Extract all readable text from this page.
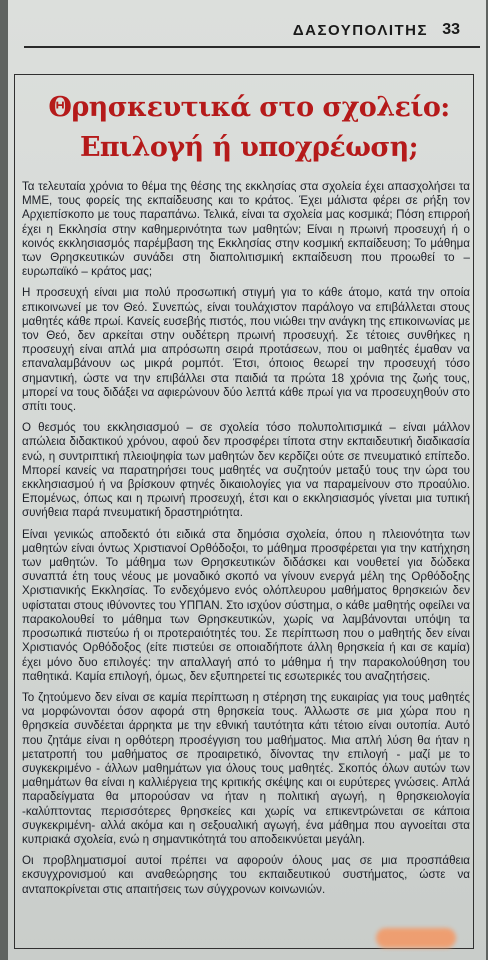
ΔΑΣΟΥΠΟΛΙΤΗΣ 33
Θρησκευτικά στο σχολείο:
Επιλογή ή υποχρέωση;

Τα τελευταία χρόνια το θέμα της θέσης της εκκλησίας στα σχολεία έχει απασχολήσει τα ΜΜΕ, τους φορείς της εκπαίδευσης και το κράτος. Έχει μάλιστα φέρει σε ρήξη τον Αρχιεπίσκοπο με τους παραπάνω. Τελικά, είναι τα σχολεία μας κοσμικά; Πόση επιρροή έχει η Εκκλησία στην καθημερινότητα των μαθητών; Είναι η πρωινή προσευχή ή ο κοινός εκκλησιασμός παρέμβαση της Εκκλησίας στην κοσμική εκπαίδευση; Το μάθημα των Θρησκευτικών συνάδει στη διαπολιτισμική εκπαίδευση που προωθεί το – ευρωπαϊκό – κράτος μας;

Η προσευχή είναι μια πολύ προσωπική στιγμή για το κάθε άτομο, κατά την οποία επικοινωνεί με τον Θεό. Συνεπώς, είναι τουλάχιστον παράλογο να επιβάλλεται στους μαθητές κάθε πρωί. Κανείς ευσεβής πιστός, που νιώθει την ανάγκη της επικοινωνίας με τον Θεό, δεν αρκείται στην ουδέτερη πρωινή προσευχή. Σε τέτοιες συνθήκες η προσευχή είναι απλά μια απρόσωπη σειρά προτάσεων, που οι μαθητές έμαθαν να επαναλαμβάνουν ως μικρά ρομπότ. Έτσι, όποιος θεωρεί την προσευχή τόσο σημαντική, ώστε να την επιβάλλει στα παιδιά τα πρώτα 18 χρόνια της ζωής τους, μπορεί να τους διδάξει να αφιερώνουν δύο λεπτά κάθε πρωί για να προσευχηθούν στο σπίτι τους.

Ο θεσμός του εκκλησιασμού – σε σχολεία τόσο πολυπολιτισμικά – είναι μάλλον απώλεια διδακτικού χρόνου, αφού δεν προσφέρει τίποτα στην εκπαιδευτική διαδικασία ενώ, η συντριπτική πλειοψηφία των μαθητών δεν κερδίζει ούτε σε πνευματικό επίπεδο. Μπορεί κανείς να παρατηρήσει τους μαθητές να συζητούν μεταξύ τους την ώρα του εκκλησιασμού ή να βρίσκουν φτηνές δικαιολογίες για να παραμείνουν στο προαύλιο. Επομένως, όπως και η πρωινή προσευχή, έτσι και ο εκκλησιασμός γίνεται μια τυπική συνήθεια παρά πνευματική δραστηριότητα.

Είναι γενικώς αποδεκτό ότι ειδικά στα δημόσια σχολεία, όπου η πλειονότητα των μαθητών είναι όντως Χριστιανοί Ορθόδοξοι, το μάθημα προσφέρεται για την κατήχηση των μαθητών. Το μάθημα των Θρησκευτικών διδάσκει και νουθετεί για δώδεκα συναπτά έτη τους νέους με μοναδικό σκοπό να γίνουν ενεργά μέλη της Ορθόδοξης Χριστιανικής Εκκλησίας. Το ενδεχόμενο ενός ολόπλευρου μαθήματος θρησκειών δεν υφίσταται στους ιθύνοντες του ΥΠΠΑΝ. Στο ισχύον σύστημα, ο κάθε μαθητής οφείλει να παρακολουθεί το μάθημα των Θρησκευτικών, χωρίς να λαμβάνονται υπόψη τα προσωπικά πιστεύω ή οι προτεραιότητές του. Σε περίπτωση που ο μαθητής δεν είναι Χριστιανός Ορθόδοξος (είτε πιστεύει σε οποιαδήποτε άλλη θρησκεία ή και σε καμία) έχει μόνο δυο επιλογές: την απαλλαγή από το μάθημα ή την παρακολούθηση του παθητικά. Καμία επιλογή, όμως, δεν εξυπηρετεί τις εσωτερικές του αναζητήσεις.

Το ζητούμενο δεν είναι σε καμία περίπτωση η στέρηση της ευκαιρίας για τους μαθητές να μορφώνονται όσον αφορά στη θρησκεία τους. Άλλωστε σε μια χώρα που η θρησκεία συνδέεται άρρηκτα με την εθνική ταυτότητα κάτι τέτοιο είναι ουτοπία. Αυτό που ζητάμε είναι η ορθότερη προσέγγιση του μαθήματος. Μια απλή λύση θα ήταν η μετατροπή του μαθήματος σε προαιρετικό, δίνοντας την επιλογή - μαζί με το συγκεκριμένο - άλλων μαθημάτων για όλους τους μαθητές. Σκοπός όλων αυτών των μαθημάτων θα είναι η καλλιέργεια της κριτικής σκέψης και οι ευρύτερες γνώσεις. Απλά παραδείγματα θα μπορούσαν να ήταν η πολιτική αγωγή, η θρησκειολογία -καλύπτοντας περισσότερες θρησκείες και χωρίς να επικεντρώνεται σε κάποια συγκεκριμένη- αλλά ακόμα και η σεξουαλική αγωγή, ένα μάθημα που αγνοείται στα κυπριακά σχολεία, ενώ η σημαντικότητά του αποδεικνύεται μεγάλη.

Οι προβληματισμοί αυτοί πρέπει να αφορούν όλους μας σε μια προσπάθεια εκσυγχρονισμού και αναθεώρησης του εκπαιδευτικού συστήματος, ώστε να ανταποκρίνεται στις απαιτήσεις των σύγχρονων κοινωνιών.
